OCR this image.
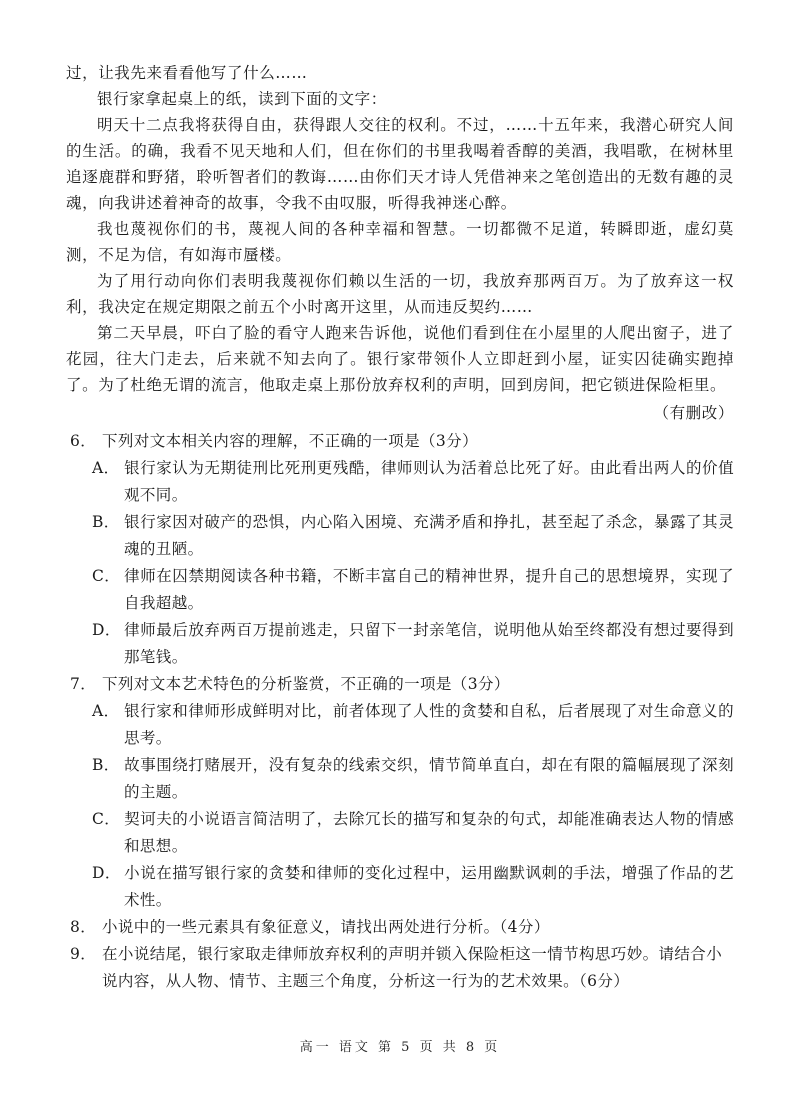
过，让我先来看看他写了什么……

银行家拿起桌上的纸，读到下面的文字：

明天十二点我将获得自由，获得跟人交往的权利。不过，……十五年来，我潜心研究人间的生活。的确，我看不见天地和人们，但在你们的书里我喝着香醇的美酒，我唱歌，在树林里追逐鹿群和野猪，聆听智者们的教诲……由你们天才诗人凭借神来之笔创造出的无数有趣的灵魂，向我讲述着神奇的故事，令我不由叹服，听得我神迷心醉。

我也蔑视你们的书，蔑视人间的各种幸福和智慧。一切都微不足道，转瞬即逝，虚幻莫测，不足为信，有如海市蜃楼。

为了用行动向你们表明我蔑视你们赖以生活的一切，我放弃那两百万。为了放弃这一权利，我决定在规定期限之前五个小时离开这里，从而违反契约……

第二天早晨，吓白了脸的看守人跑来告诉他，说他们看到住在小屋里的人爬出窗子，进了花园，往大门走去，后来就不知去向了。银行家带领仆人立即赶到小屋，证实囚徒确实跑掉了。为了杜绝无谓的流言，他取走桌上那份放弃权利的声明，回到房间，把它锁进保险柜里。

（有删改）
6． 下列对文本相关内容的理解，不正确的一项是（3分）
A． 银行家认为无期徒刑比死刑更残酷，律师则认为活着总比死了好。由此看出两人的价值观不同。
B． 银行家因对破产的恐惧，内心陷入困境、充满矛盾和挣扎，甚至起了杀念，暴露了其灵魂的丑陋。
C． 律师在囚禁期阅读各种书籍，不断丰富自己的精神世界，提升自己的思想境界，实现了自我超越。
D． 律师最后放弃两百万提前逃走，只留下一封亲笔信，说明他从始至终都没有想过要得到那笔钱。
7． 下列对文本艺术特色的分析鉴赏，不正确的一项是（3分）
A． 银行家和律师形成鲜明对比，前者体现了人性的贪婪和自私，后者展现了对生命意义的思考。
B． 故事围绕打赌展开，没有复杂的线索交织，情节简单直白，却在有限的篇幅展现了深刻的主题。
C． 契诃夫的小说语言简洁明了，去除冗长的描写和复杂的句式，却能准确表达人物的情感和思想。
D． 小说在描写银行家的贪婪和律师的变化过程中，运用幽默讽刺的手法，增强了作品的艺术性。
8． 小说中的一些元素具有象征意义，请找出两处进行分析。（4分）
9． 在小说结尾，银行家取走律师放弃权利的声明并锁入保险柜这一情节构思巧妙。请结合小说内容，从人物、情节、主题三个角度，分析这一行为的艺术效果。（6分）
高一 语文 第 5 页 共 8 页
